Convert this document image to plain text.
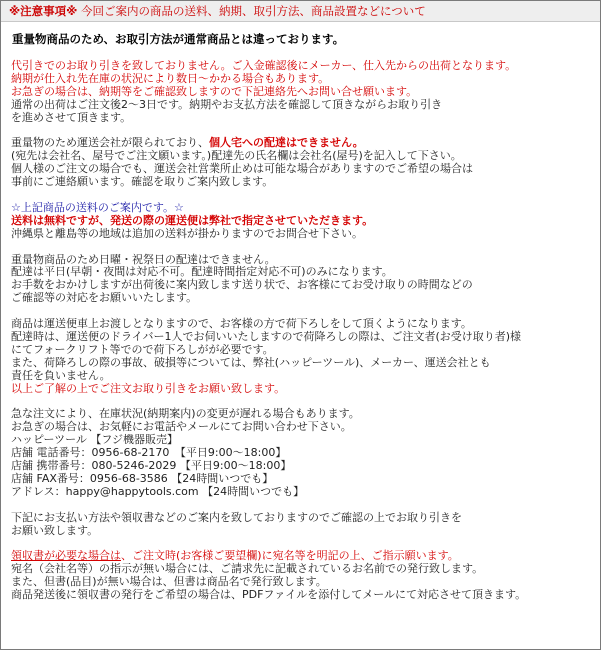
※注意事項※ 今回ご案内の商品の送料、納期、取引方法、商品設置などについて
重量物商品のため、お取引方法が通常商品とは違っております。
代引きでのお取り引きを致しておりません。ご入金確認後にメーカー、仕入先からの出荷となります。
納期が仕入れ先在庫の状況により数日〜かかる場合もあります。
お急ぎの場合は、納期等をご確認致しますので下記連絡先へお問い合せ願います。
通常の出荷はご注文後2〜3日です。納期やお支払方法を確認して頂きながらお取り引き
を進めさせて頂きます。
重量物のため運送会社が限られており、個人宅への配達はできません。
(宛先は会社名、屋号でご注文願います。)配達先の氏名欄は会社名(屋号)を記入して下さい。
個人様のご注文の場合でも、運送会社営業所止めは可能な場合がありますのでご希望の場合は
事前にご連絡願います。確認を取りご案内致します。
☆上記商品の送料のご案内です。☆
送料は無料ですが、発送の際の運送便は弊社で指定させていただきます。
沖縄県と離島等の地域は追加の送料が掛かりますのでお問合せ下さい。
重量物商品のため日曜・祝祭日の配達はできません。
配達は平日(早朝・夜間は対応不可。配達時間指定対応不可)のみになります。
お手数をおかけしますが出荷後に案内致します送り状で、お客様にてお受け取りの時間などの
ご確認等の対応をお願いいたします。
商品は運送便車上お渡しとなりますので、お客様の方で荷下ろしをして頂くようになります。
配達時は、運送便のドライバー1人でお伺いいたしますので荷降ろしの際は、ご注文者(お受け取り者)様
にてフォークリフト等でので荷下ろしがが必要です。
また、荷降ろしの際の事故、破損等については、弊社(ハッピーツール)、メーカー、運送会社とも
責任を負いません。
以上ご了解の上でご注文お取り引きをお願い致します。
急な注文により、在庫状況(納期案内)の変更が遅れる場合もあります。
お急ぎの場合は、お気軽にお電話やメールにてお問い合わせ下さい。
ハッピーツール 【フジ機器販売】
店舗 電話番号：0956-68-2170　【平日9:00〜18:00】
店舗 携帯番号：080-5246-2029 【平日9:00〜18:00】
店舗 FAX番号：0956-68-3586 【24時間いつでも】
アドレス：happy@happytools.com 【24時間いつでも】
下記にお支払い方法や領収書などのご案内を致しておりますのでご確認の上でお取り引きを
お願い致します。
領収書が必要な場合は、ご注文時(お客様ご要望欄)に宛名等を明記の上、ご指示願います。
宛名（会社名等）の指示が無い場合には、ご請求先に記載されているお名前での発行致します。
また、但書(品目)が無い場合は、但書は商品名で発行致します。
商品発送後に領収書の発行をご希望の場合は、PDFファイルを添付してメールにて対応させて頂きます。
